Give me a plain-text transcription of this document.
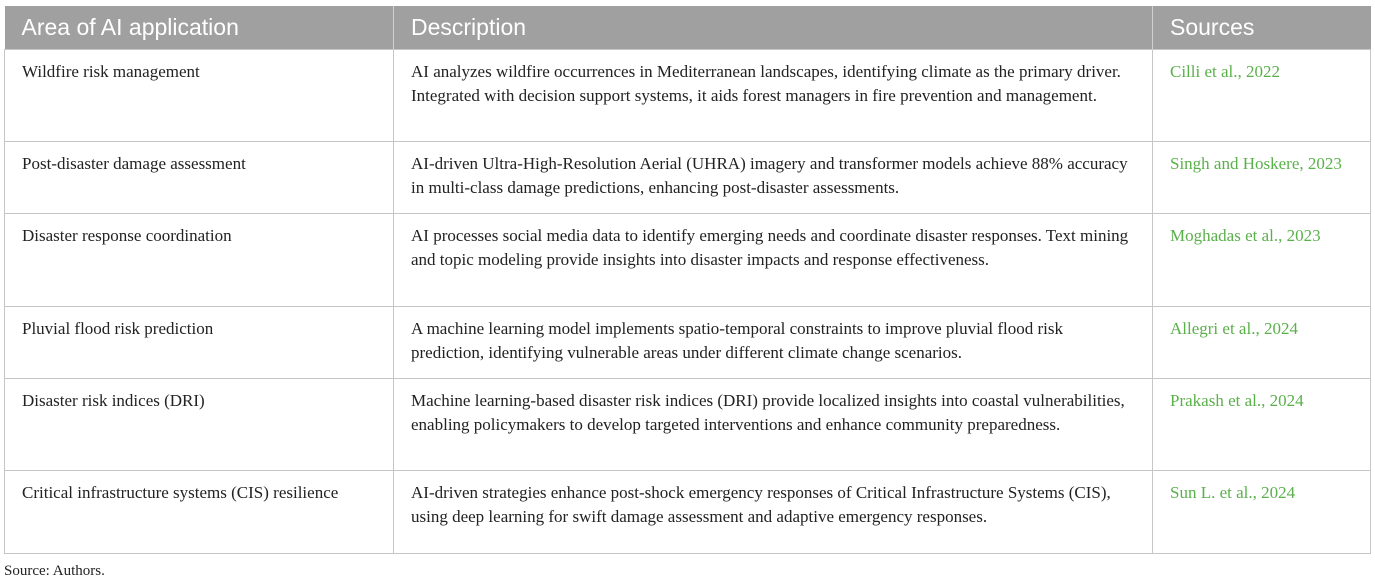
Area of AI application	Description	Sources
Wildfire risk management	AI analyzes wildfire occurrences in Mediterranean landscapes, identifying climate as the primary driver. Integrated with decision support systems, it aids forest managers in fire prevention and management.	Cilli et al., 2022
Post-disaster damage assessment	AI-driven Ultra-High-Resolution Aerial (UHRA) imagery and transformer models achieve 88% accuracy in multi-class damage predictions, enhancing post-disaster assessments.	Singh and Hoskere, 2023
Disaster response coordination	AI processes social media data to identify emerging needs and coordinate disaster responses. Text mining and topic modeling provide insights into disaster impacts and response effectiveness.	Moghadas et al., 2023
Pluvial flood risk prediction	A machine learning model implements spatio-temporal constraints to improve pluvial flood risk prediction, identifying vulnerable areas under different climate change scenarios.	Allegri et al., 2024
Disaster risk indices (DRI)	Machine learning-based disaster risk indices (DRI) provide localized insights into coastal vulnerabilities, enabling policymakers to develop targeted interventions and enhance community preparedness.	Prakash et al., 2024
Critical infrastructure systems (CIS) resilience	AI-driven strategies enhance post-shock emergency responses of Critical Infrastructure Systems (CIS), using deep learning for swift damage assessment and adaptive emergency responses.	Sun L. et al., 2024
Source: Authors.
